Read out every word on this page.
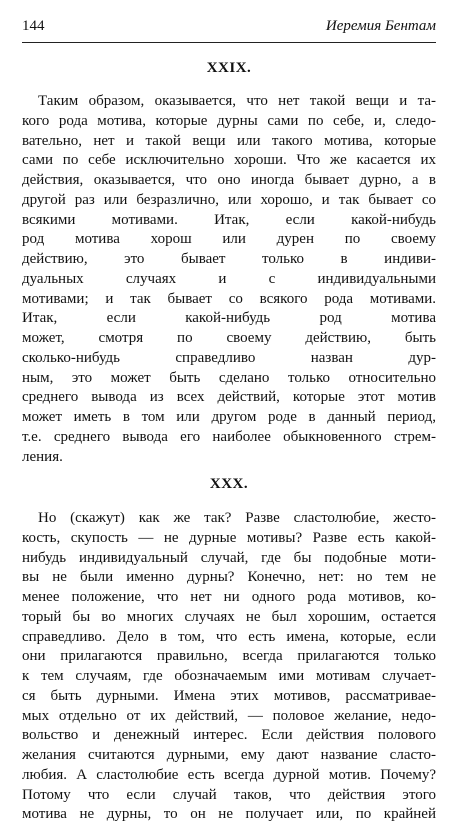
144	Иеремия Бентам
XXIX.
Таким образом, оказывается, что нет такой вещи и та-
кого рода мотива, которые дурны сами по себе, и, следо-
вательно, нет и такой вещи или такого мотива, которые
сами по себе исключительно хороши. Что же касается их
действия, оказывается, что оно иногда бывает дурно, а в
другой раз или безразлично, или хорошо, и так бывает со
всякими мотивами. Итак, если какой-нибудь
род мотива хорош или дурен по своему
действию, это бывает только в индиви-
дуальных случаях и с индивидуальными
мотивами; и так бывает со всякого рода мотивами.
Итак, если какой-нибудь род мотива
может, смотря по своему действию, быть
сколько-нибудь справедливо назван дур-
ным, это может быть сделано только относительно
среднего вывода из всех действий, которые этот мотив
может иметь в том или другом роде в данный период,
т.е. среднего вывода его наиболее обыкновенного стрем-
ления.
XXX.
Но (скажут) как же так? Разве сластолюбие, жесто-
кость, скупость — не дурные мотивы? Разве есть какой-
нибудь индивидуальный случай, где бы подобные моти-
вы не были именно дурны? Конечно, нет: но тем не
менее положение, что нет ни одного рода мотивов, ко-
торый бы во многих случаях не был хорошим, остается
справедливо. Дело в том, что есть имена, которые, если
они прилагаются правильно, всегда прилагаются только
к тем случаям, где обозначаемым ими мотивам случает-
ся быть дурными. Имена этих мотивов, рассматривае-
мых отдельно от их действий, — половое желание, недо-
вольство и денежный интерес. Если действия полового
желания считаются дурными, ему дают название сласто-
любия. А сластолюбие есть всегда дурной мотив. Почему?
Потому что если случай таков, что действия этого
мотива не дурны, то он не получает или, по крайней
